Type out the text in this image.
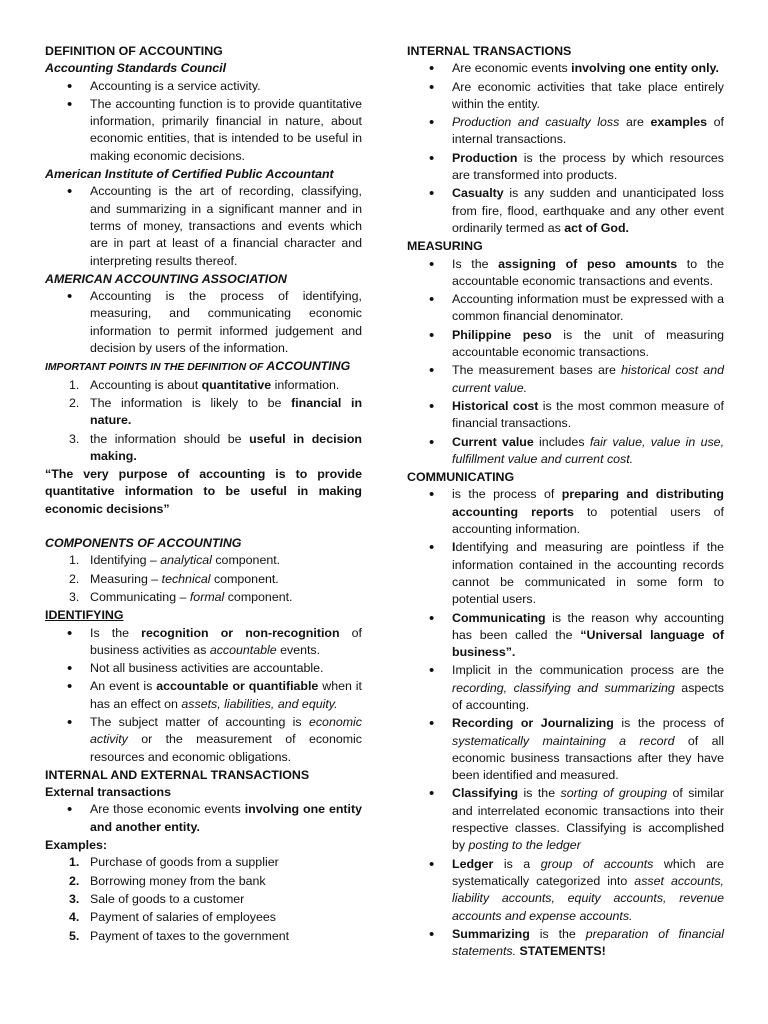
DEFINITION OF ACCOUNTING

Accounting Standards Council

• Accounting is a service activity.
• The accounting function is to provide quantitative information, primarily financial in nature, about economic entities, that is intended to be useful in making economic decisions.

American Institute of Certified Public Accountant

• Accounting is the art of recording, classifying, and summarizing in a significant manner and in terms of money, transactions and events which are in part at least of a financial character and interpreting results thereof.

AMERICAN ACCOUNTING ASSOCIATION

• Accounting is the process of identifying, measuring, and communicating economic information to permit informed judgement and decision by users of the information.

IMPORTANT POINTS IN THE DEFINITION OF ACCOUNTING

1. Accounting is about quantitative information.
2. The information is likely to be financial in nature.
3. the information should be useful in decision making.

“The very purpose of accounting is to provide quantitative information to be useful in making economic decisions”

COMPONENTS OF ACCOUNTING

1. Identifying – analytical component.
2. Measuring – technical component.
3. Communicating – formal component.

IDENTIFYING

• Is the recognition or non-recognition of business activities as accountable events.
• Not all business activities are accountable.
• An event is accountable or quantifiable when it has an effect on assets, liabilities, and equity.
• The subject matter of accounting is economic activity or the measurement of economic resources and economic obligations.

INTERNAL AND EXTERNAL TRANSACTIONS

External transactions

• Are those economic events involving one entity and another entity.

Examples:

1. Purchase of goods from a supplier
2. Borrowing money from the bank
3. Sale of goods to a customer
4. Payment of salaries of employees
5. Payment of taxes to the government

INTERNAL TRANSACTIONS

• Are economic events involving one entity only.
• Are economic activities that take place entirely within the entity.
• Production and casualty loss are examples of internal transactions.
• Production is the process by which resources are transformed into products.
• Casualty is any sudden and unanticipated loss from fire, flood, earthquake and any other event ordinarily termed as act of God.

MEASURING

• Is the assigning of peso amounts to the accountable economic transactions and events.
• Accounting information must be expressed with a common financial denominator.
• Philippine peso is the unit of measuring accountable economic transactions.
• The measurement bases are historical cost and current value.
• Historical cost is the most common measure of financial transactions.
• Current value includes fair value, value in use, fulfillment value and current cost.

COMMUNICATING

• is the process of preparing and distributing accounting reports to potential users of accounting information.
• Identifying and measuring are pointless if the information contained in the accounting records cannot be communicated in some form to potential users.
• Communicating is the reason why accounting has been called the “Universal language of business”.
• Implicit in the communication process are the recording, classifying and summarizing aspects of accounting.
• Recording or Journalizing is the process of systematically maintaining a record of all economic business transactions after they have been identified and measured.
• Classifying is the sorting of grouping of similar and interrelated economic transactions into their respective classes. Classifying is accomplished by posting to the ledger
• Ledger is a group of accounts which are systematically categorized into asset accounts, liability accounts, equity accounts, revenue accounts and expense accounts.
• Summarizing is the preparation of financial statements. STATEMENTS!
